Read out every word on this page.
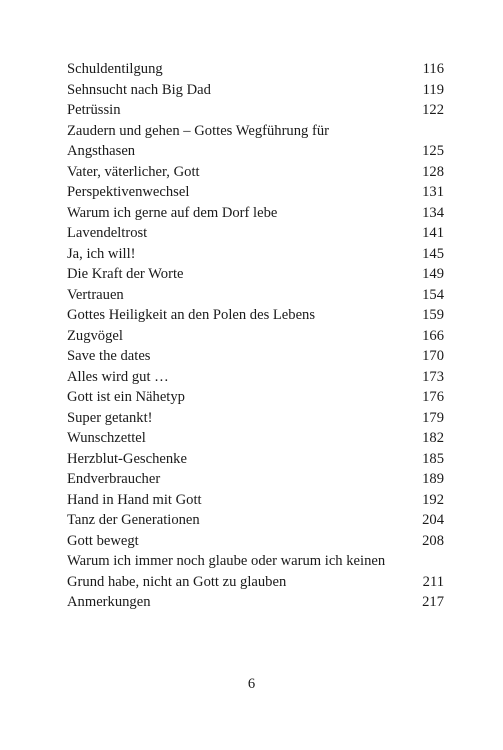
Schuldentilgung	116
Sehnsucht nach Big Dad	119
Petrüssin	122
Zaudern und gehen – Gottes Wegführung für
Angsthasen	125
Vater, väterlicher, Gott	128
Perspektivenwechsel	131
Warum ich gerne auf dem Dorf lebe	134
Lavendeltrost	141
Ja, ich will!	145
Die Kraft der Worte	149
Vertrauen	154
Gottes Heiligkeit an den Polen des Lebens	159
Zugvögel	166
Save the dates	170
Alles wird gut …	173
Gott ist ein Nähetyp	176
Super getankt!	179
Wunschzettel	182
Herzblut-Geschenke	185
Endverbraucher	189
Hand in Hand mit Gott	192
Tanz der Generationen	204
Gott bewegt	208
Warum ich immer noch glaube oder warum ich keinen
Grund habe, nicht an Gott zu glauben	211
Anmerkungen	217
6
